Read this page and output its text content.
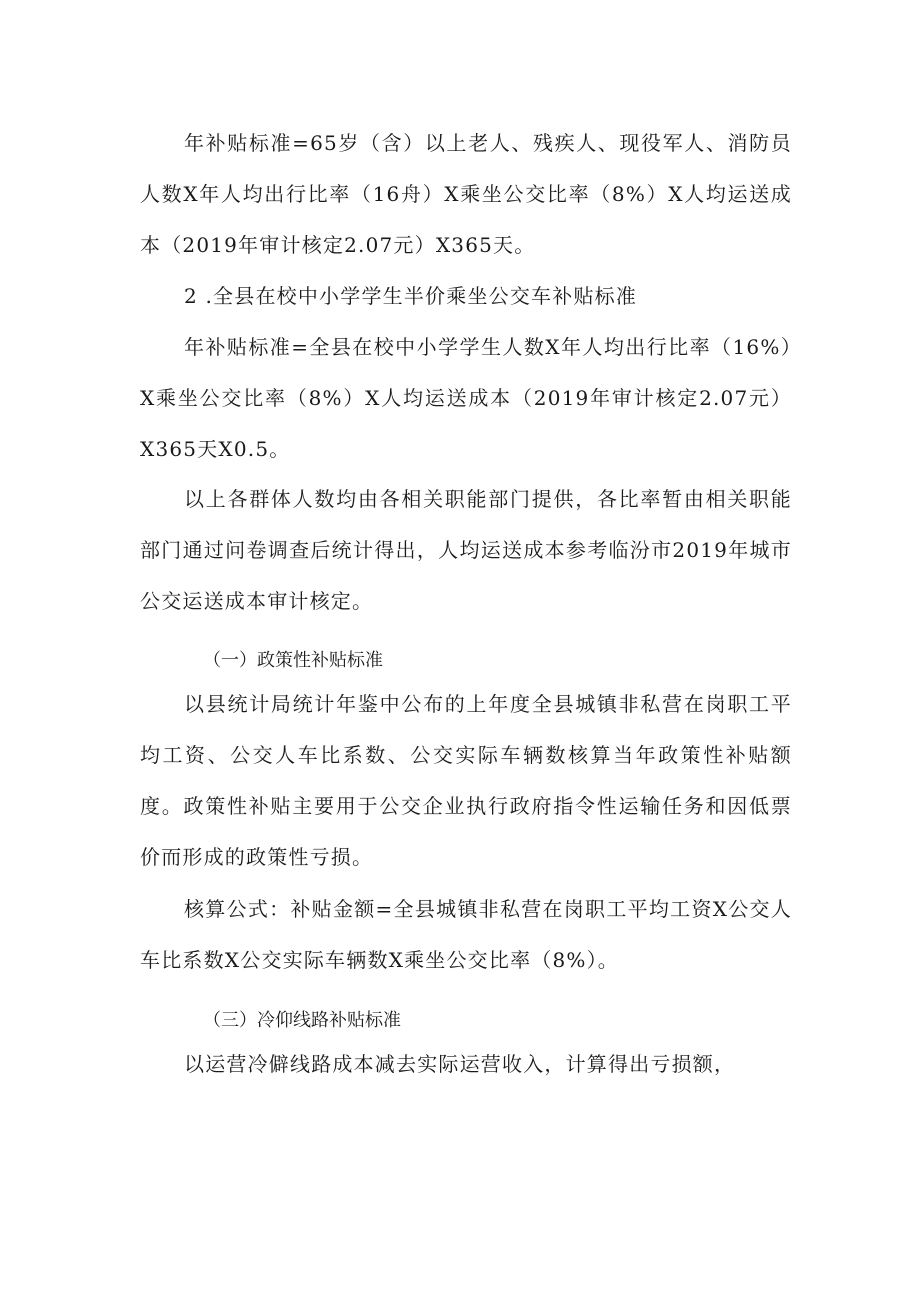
年补贴标准=65岁（含）以上老人、残疾人、现役军人、消防员人数X年人均出行比率（16舟）X乘坐公交比率（8%）X人均运送成本（2019年审计核定2.07元）X365天。

2 .全县在校中小学学生半价乘坐公交车补贴标准

年补贴标准=全县在校中小学学生人数X年人均出行比率（16%）X乘坐公交比率（8%）X人均运送成本（2019年审计核定2.07元）X365天X0.5。

以上各群体人数均由各相关职能部门提供，各比率暂由相关职能部门通过问卷调查后统计得出，人均运送成本参考临汾市2019年城市公交运送成本审计核定。

（一）政策性补贴标准

以县统计局统计年鉴中公布的上年度全县城镇非私营在岗职工平均工资、公交人车比系数、公交实际车辆数核算当年政策性补贴额度。政策性补贴主要用于公交企业执行政府指令性运输任务和因低票价而形成的政策性亏损。

核算公式：补贴金额=全县城镇非私营在岗职工平均工资X公交人车比系数X公交实际车辆数X乘坐公交比率（8%）。

（三）冷仰线路补贴标准

以运营冷僻线路成本减去实际运营收入，计算得出亏损额，
